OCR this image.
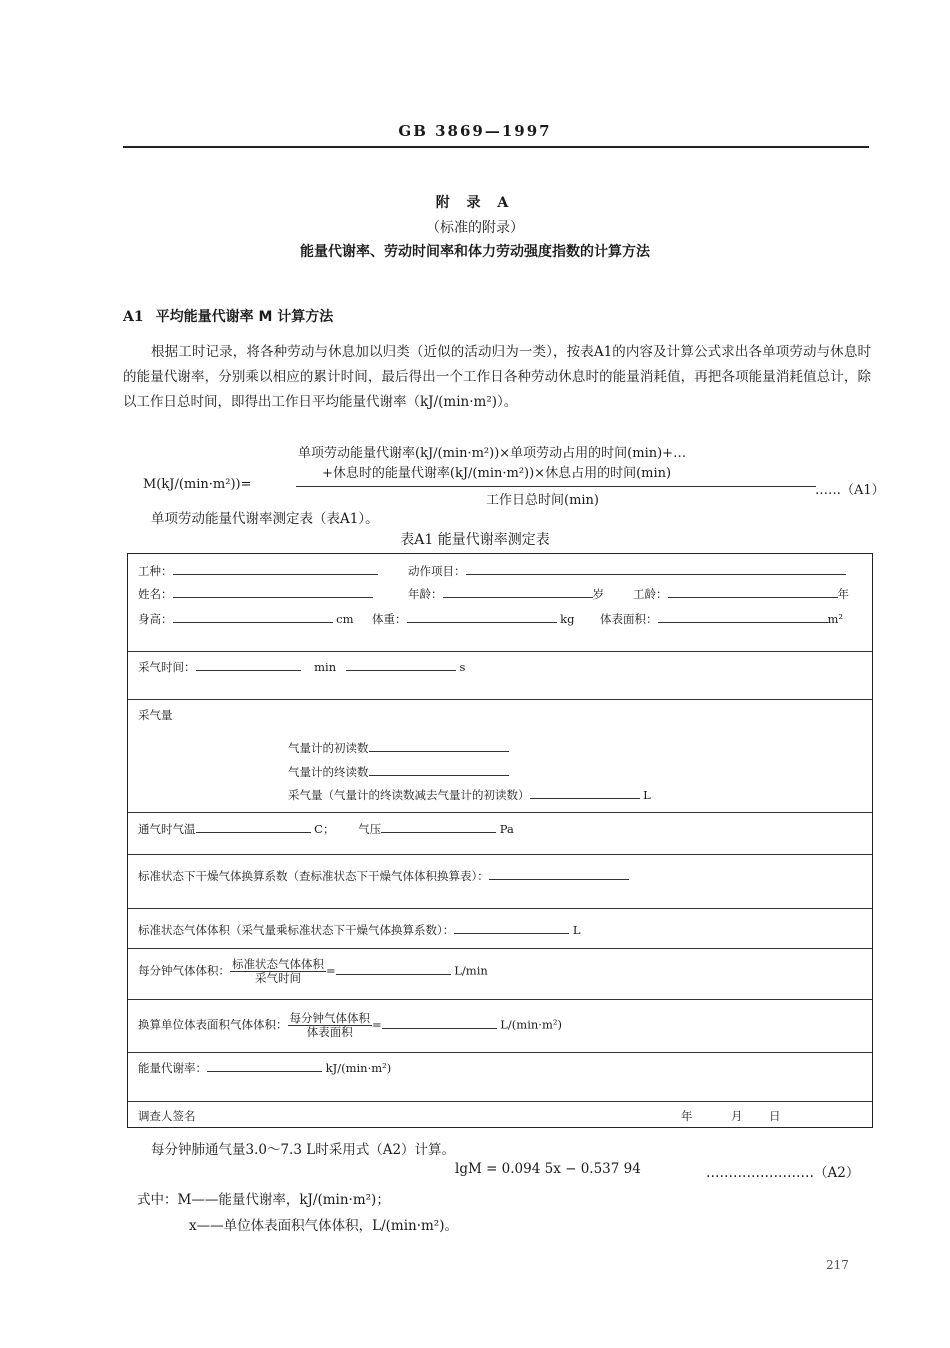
GB 3869—1997
附 录 A
（标准的附录）
能量代谢率、劳动时间率和体力劳动强度指数的计算方法
A1 平均能量代谢率 M 计算方法
根据工时记录，将各种劳动与休息加以归类（近似的活动归为一类），按表A1的内容及计算公式求出各单项劳动与休息时的能量代谢率，分别乘以相应的累计时间，最后得出一个工作日各种劳动休息时的能量消耗值，再把各项能量消耗值总计，除以工作日总时间，即得出工作日平均能量代谢率（kJ/(min·m²)）。
单项劳动能量代谢率(kJ/(min·m²))×单项劳动占用的时间(min)+…
+休息时的能量代谢率(kJ/(min·m²))×休息占用的时间(min)
M(kJ/(min·m²))=
工作日总时间(min)
……（A1）
单项劳动能量代谢率测定表（表A1）。
表A1 能量代谢率测定表
工种：	动作项目：
姓名：	年龄：	岁	工龄：	年
身高：	cm 体重：	kg 体表面积：	m²
采气时间：	min	s
采气量
气量计的初读数
气量计的终读数
采气量（气量计的终读数减去气量计的初读数）	L
通气时气温	C； 气压	Pa
标准状态下干燥气体换算系数（查标准状态下干燥气体体积换算表）：
标准状态气体体积（采气量乘标准状态下干燥气体换算系数）：	L
每分钟气体体积： $\frac{\text{标准状态气体体积}}{\text{采气时间}}$ =	L/min
换算单位体表面积气体体积： $\frac{\text{每分钟气体体积}}{\text{体表面积}}$ =	L/(min·m²)
能量代谢率：	kJ/(min·m²)
调查人签名	年	月 日
每分钟肺通气量3.0～7.3 L时采用式（A2）计算。
lgM = 0.094 5x − 0.537 94	……………………（A2）
式中：M——能量代谢率，kJ/(min·m²)；
x——单位体表面积气体体积，L/(min·m²)。
217
